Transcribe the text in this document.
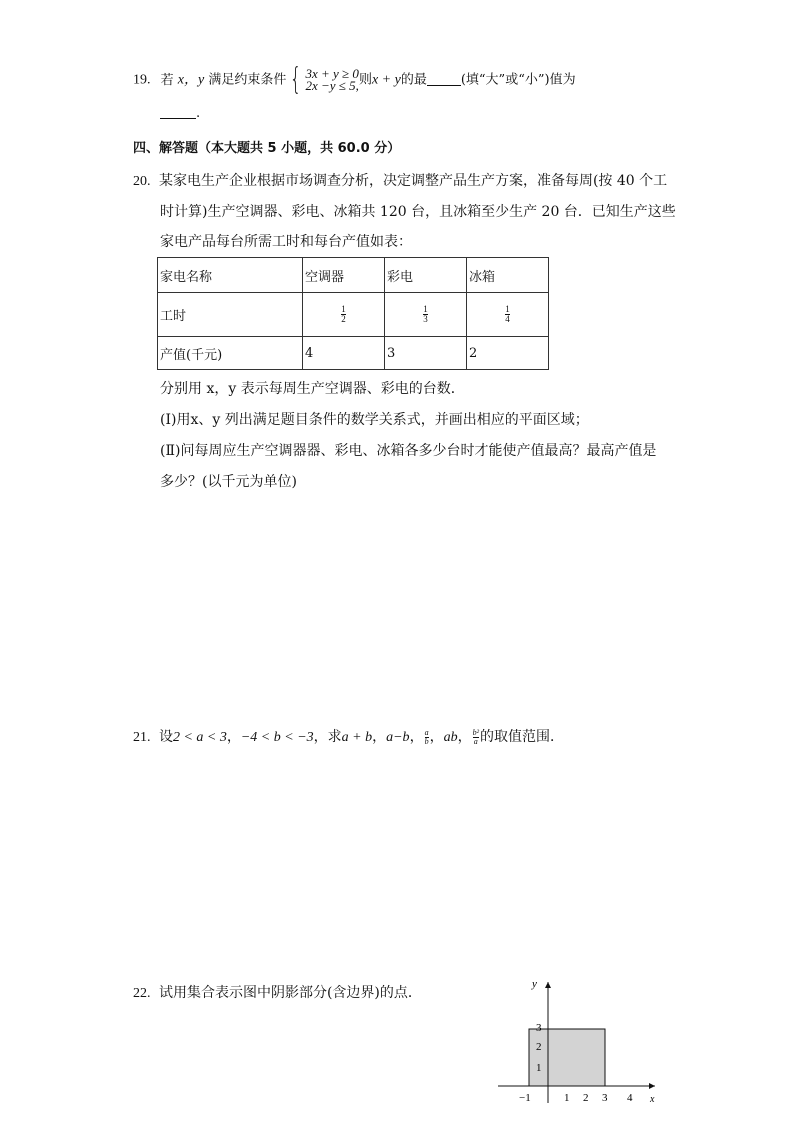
19. 若 x，y 满足约束条件 { 3x + y ≥ 0
2x −y ≤ 5, 则x + y的最	(填“大”或“小”)值为
.
四、解答题（本大题共 5 小题，共 60.0 分）
20. 某家电生产企业根据市场调查分析，决定调整产品生产方案，准备每周(按 40 个工
时计算)生产空调器、彩电、冰箱共 120 台，且冰箱至少生产 20 台．已知生产这些
家电产品每台所需工时和每台产值如表：
家电名称	空调器	彩电	冰箱
工时	$\frac{1}{2}$	$\frac{1}{3}$	$\frac{1}{4}$

产值(千元)	4	3	2
分别用 x，y 表示每周生产空调器、彩电的台数．
(Ⅰ)用x、y 列出满足题目条件的数学关系式，并画出相应的平面区域；
(Ⅱ)问每周应生产空调器器、彩电、冰箱各多少台时才能使产值最高？最高产值是
多少？(以千元为单位)
21. 设2 < a < 3，−4 < b < −3，求a + b，a−b， $\frac{a}{b}$ ，ab， $\frac{\text{b²}}{a}$ 的取值范围．
22. 试用集合表示图中阴影部分(含边界)的点．
y
x
−1	1 2 3 4
1
2
3
